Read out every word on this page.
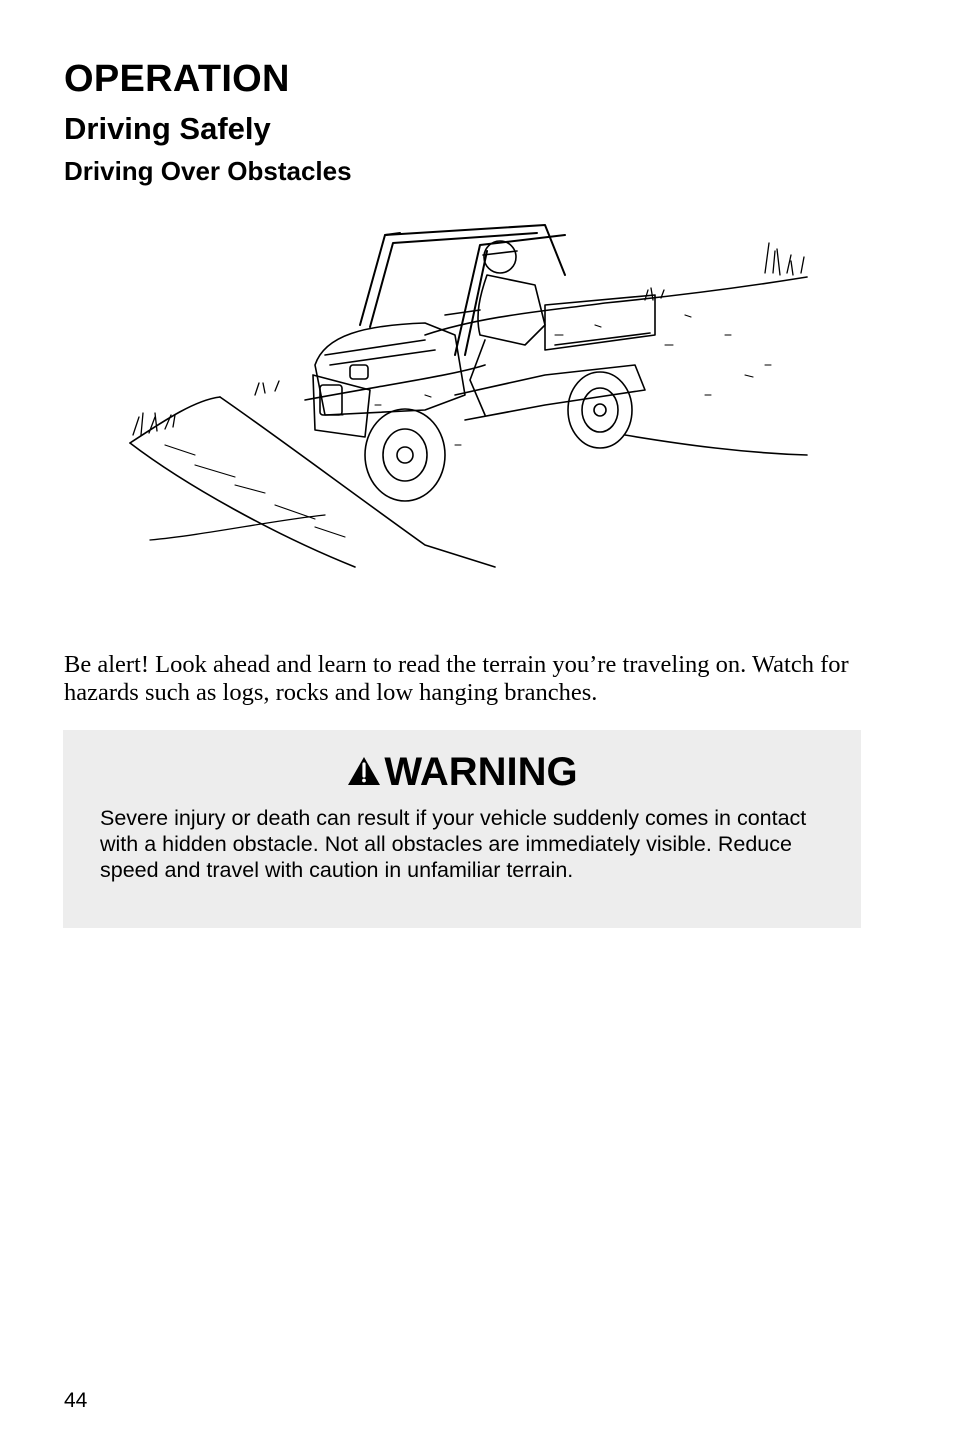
OPERATION
Driving Safely
Driving Over Obstacles

Be alert! Look ahead and learn to read the terrain you’re traveling on. Watch for hazards such as logs, rocks and low hanging branches.

WARNING

Severe injury or death can result if your vehicle suddenly comes in contact with a hidden obstacle. Not all obstacles are immediately visible. Reduce speed and travel with caution in unfamiliar terrain.

44
